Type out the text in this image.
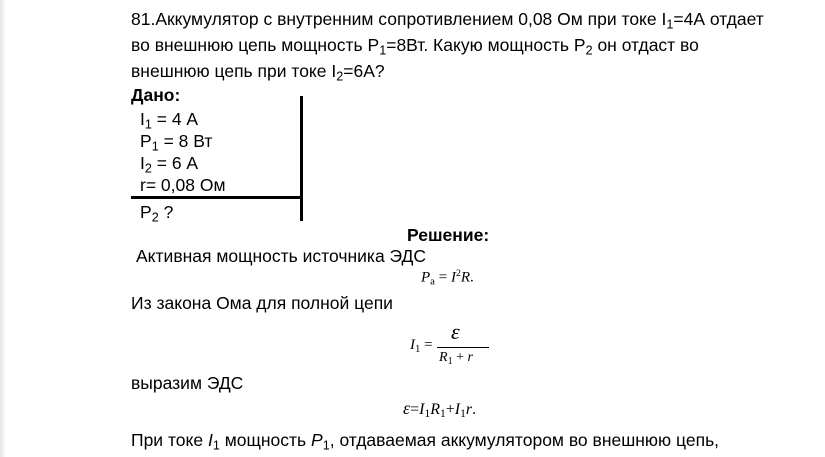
81.Аккумулятор с внутренним сопротивлением 0,08 Ом при токе $I_1=4А$ отдает
во внешнюю цепь мощность $P_1=8Вт$. Какую мощность $P_2$ он отдаст во
внешнюю цепь при токе $I_2=6А$?
Дано:
$I_1 = 4$ А
$P_1 = 8$ Вт
$I_2 = 6$ А
r= 0,08 Ом
$P_2$ ?
Решение:
Активная мощность источника ЭДС
$P_a = I^2R$.
Из закона Ома для полной цепи
$I_1$ =
ε
$R_1 + r$
выразим ЭДС
$\varepsilon=I_1R_1+I_1r$.
При токе $I_1$ мощность $P_1$, отдаваемая аккумулятором во внешнюю цепь,
